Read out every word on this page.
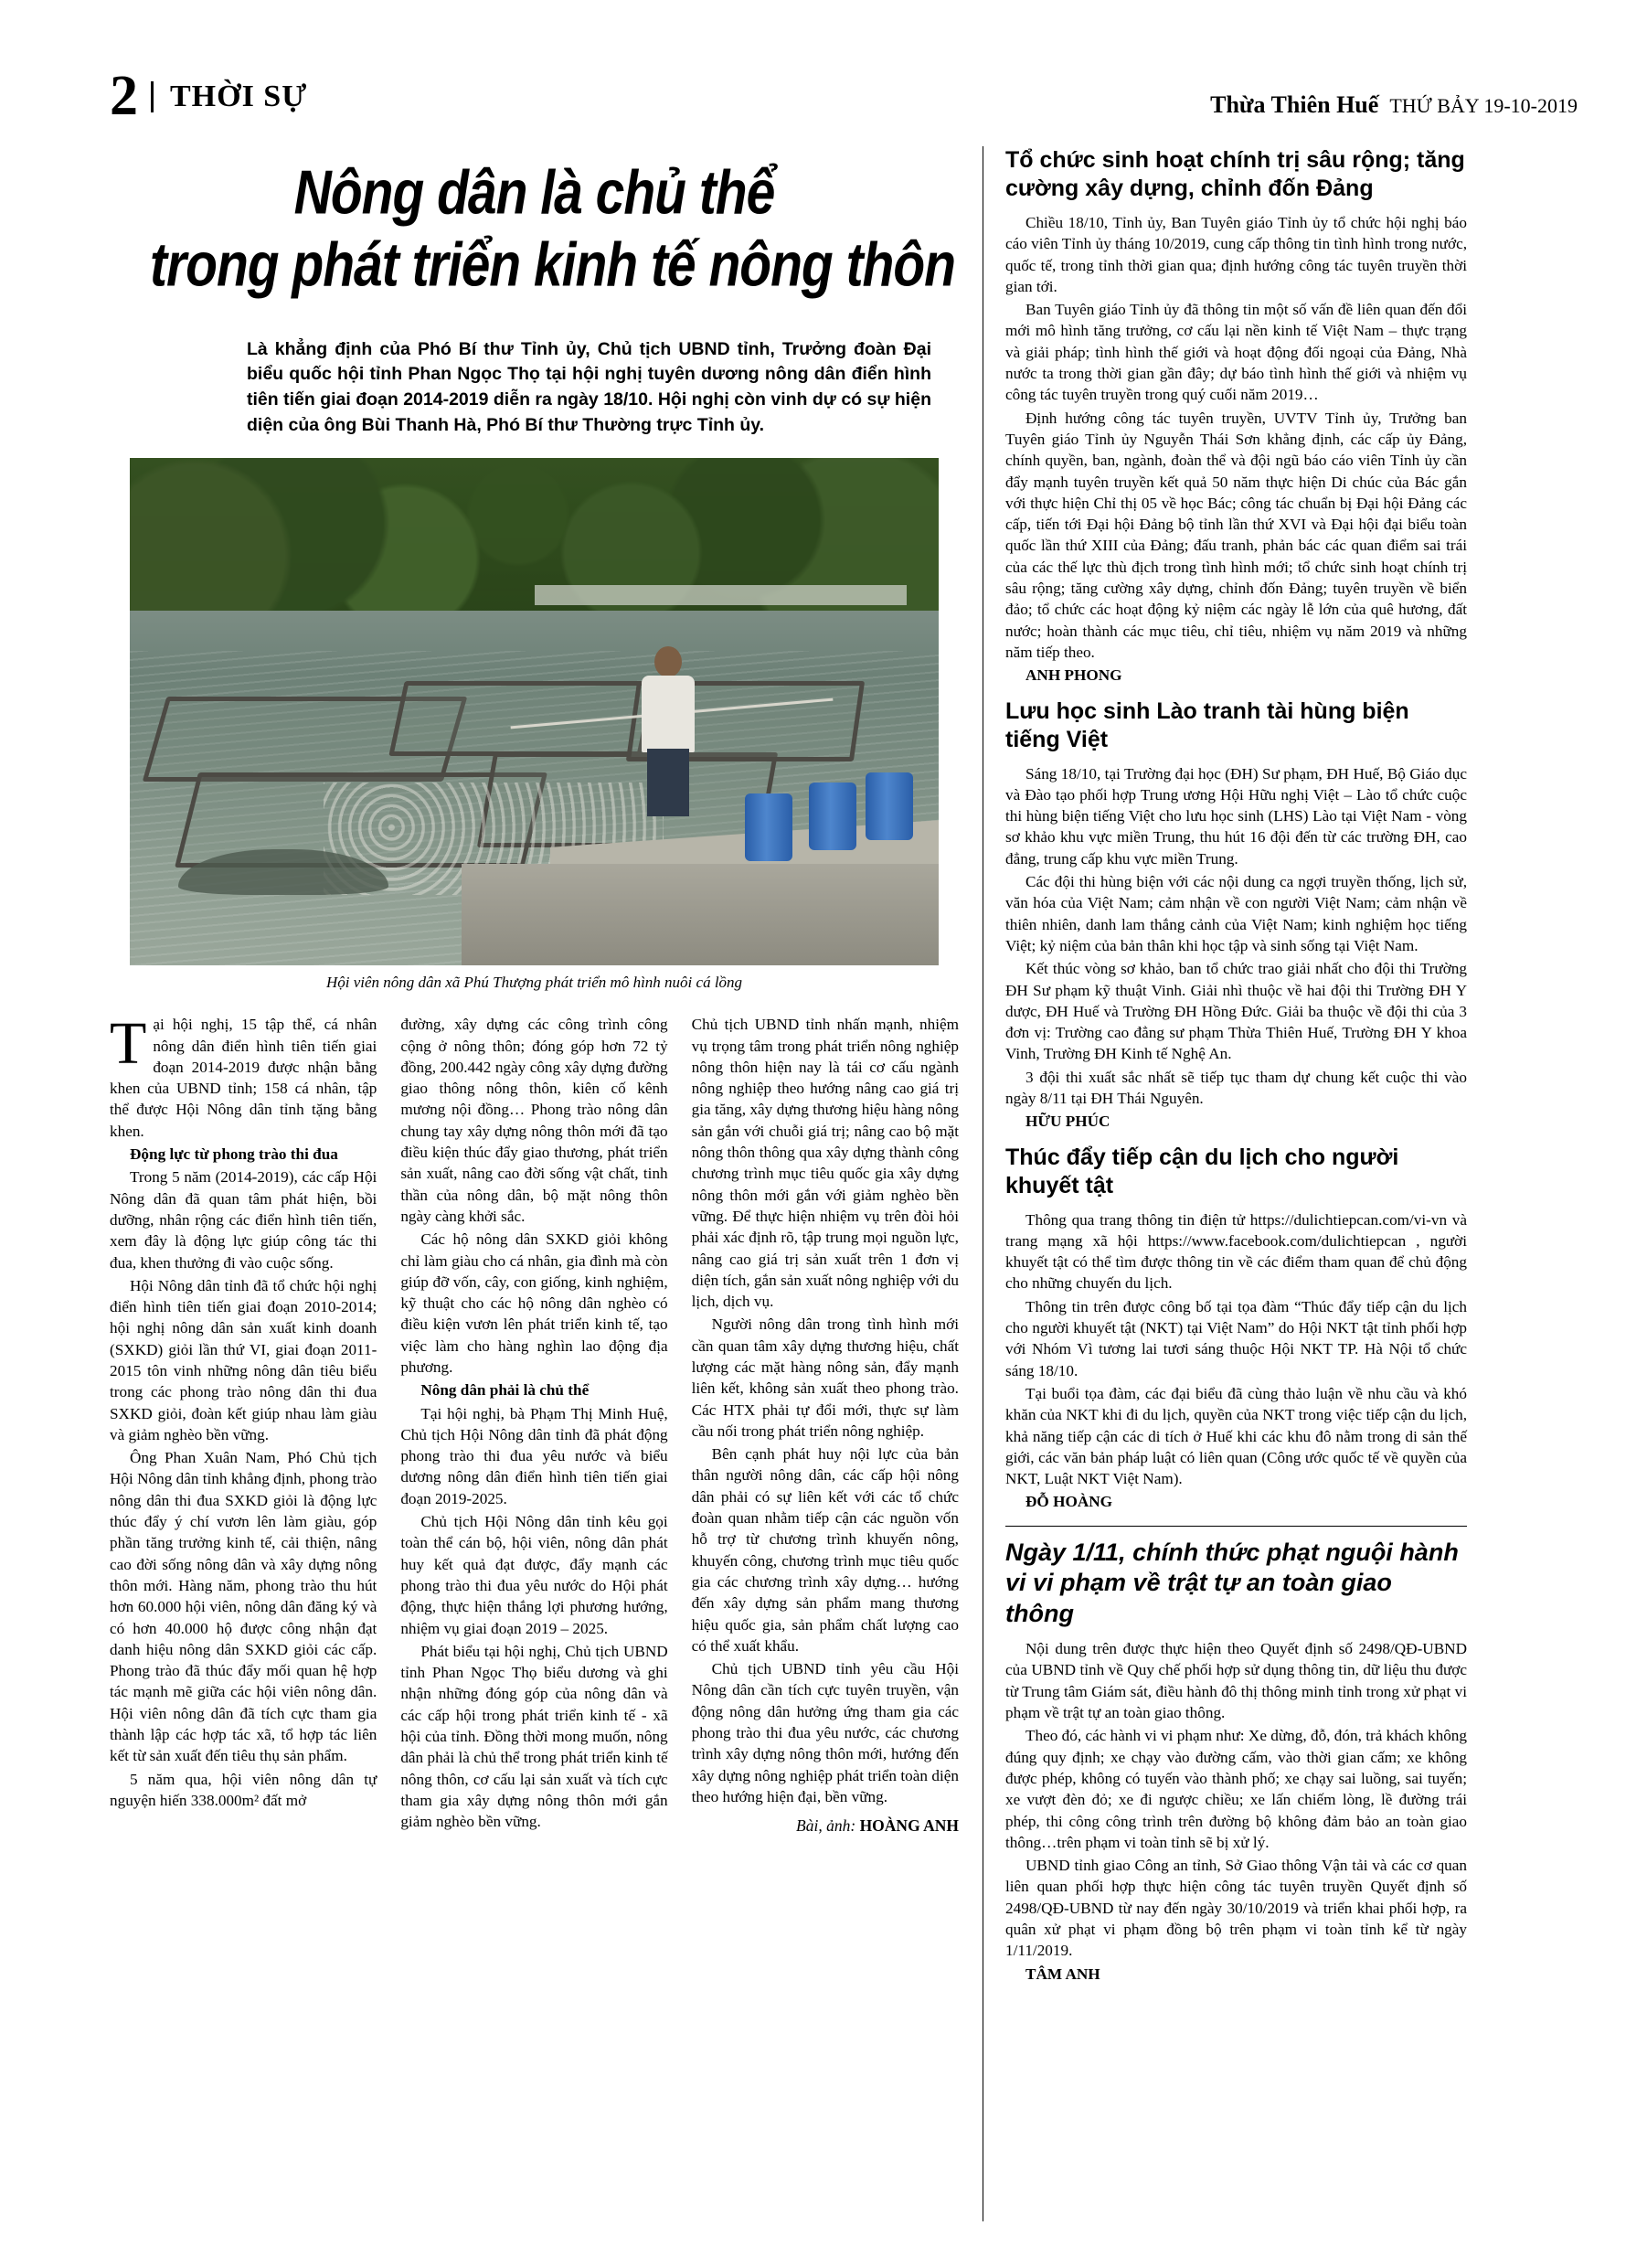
2	THỜI SỰ	Thừa Thiên Huế THỨ BẢY 19-10-2019
Nông dân là chủ thể
trong phát triển kinh tế nông thôn
Là khẳng định của Phó Bí thư Tỉnh ủy, Chủ tịch UBND tỉnh, Trưởng đoàn Đại biểu quốc hội tỉnh Phan Ngọc Thọ tại hội nghị tuyên dương nông dân điển hình tiên tiến giai đoạn 2014-2019 diễn ra ngày 18/10. Hội nghị còn vinh dự có sự hiện diện của ông Bùi Thanh Hà, Phó Bí thư Thường trực Tỉnh ủy.
Hội viên nông dân xã Phú Thượng phát triển mô hình nuôi cá lồng

Tại hội nghị, 15 tập thể, cá nhân nông dân điển hình tiên tiến giai đoạn 2014-2019 được nhận bằng khen của UBND tỉnh; 158 cá nhân, tập thể được Hội Nông dân tỉnh tặng bằng khen.

Động lực từ phong trào thi đua

Trong 5 năm (2014-2019), các cấp Hội Nông dân đã quan tâm phát hiện, bồi dưỡng, nhân rộng các điển hình tiên tiến, xem đây là động lực giúp công tác thi đua, khen thưởng đi vào cuộc sống.

Hội Nông dân tỉnh đã tổ chức hội nghị điển hình tiên tiến giai đoạn 2010-2014; hội nghị nông dân sản xuất kinh doanh (SXKD) giỏi lần thứ VI, giai đoạn 2011-2015 tôn vinh những nông dân tiêu biểu trong các phong trào nông dân thi đua SXKD giỏi, đoàn kết giúp nhau làm giàu và giảm nghèo bền vững.

Ông Phan Xuân Nam, Phó Chủ tịch Hội Nông dân tỉnh khẳng định, phong trào nông dân thi đua SXKD giỏi là động lực thúc đẩy ý chí vươn lên làm giàu, góp phần tăng trưởng kinh tế, cải thiện, nâng cao đời sống nông dân và xây dựng nông thôn mới. Hàng năm, phong trào thu hút hơn 60.000 hội viên, nông dân đăng ký và có hơn 40.000 hộ được công nhận đạt danh hiệu nông dân SXKD giỏi các cấp. Phong trào đã thúc đẩy mối quan hệ hợp tác mạnh mẽ giữa các hội viên nông dân. Hội viên nông dân đã tích cực tham gia thành lập các hợp tác xã, tổ hợp tác liên kết từ sản xuất đến tiêu thụ sản phẩm.

5 năm qua, hội viên nông dân tự nguyện hiến 338.000m² đất mở

đường, xây dựng các công trình công cộng ở nông thôn; đóng góp hơn 72 tỷ đồng, 200.442 ngày công xây dựng đường giao thông nông thôn, kiên cố kênh mương nội đồng… Phong trào nông dân chung tay xây dựng nông thôn mới đã tạo điều kiện thúc đẩy giao thương, phát triển sản xuất, nâng cao đời sống vật chất, tinh thần của nông dân, bộ mặt nông thôn ngày càng khởi sắc.

Các hộ nông dân SXKD giỏi không chỉ làm giàu cho cá nhân, gia đình mà còn giúp đỡ vốn, cây, con giống, kinh nghiệm, kỹ thuật cho các hộ nông dân nghèo có điều kiện vươn lên phát triển kinh tế, tạo việc làm cho hàng nghìn lao động địa phương.

Nông dân phải là chủ thể

Tại hội nghị, bà Phạm Thị Minh Huệ, Chủ tịch Hội Nông dân tỉnh đã phát động phong trào thi đua yêu nước và biểu dương nông dân điển hình tiên tiến giai đoạn 2019-2025.

Chủ tịch Hội Nông dân tỉnh kêu gọi toàn thể cán bộ, hội viên, nông dân phát huy kết quả đạt được, đẩy mạnh các phong trào thi đua yêu nước do Hội phát động, thực hiện thắng lợi phương hướng, nhiệm vụ giai đoạn 2019 – 2025.

Phát biểu tại hội nghị, Chủ tịch UBND tỉnh Phan Ngọc Thọ biểu dương và ghi nhận những đóng góp của nông dân và các cấp hội trong phát triển kinh tế - xã hội của tỉnh. Đồng thời mong muốn, nông dân phải là chủ thể trong phát triển kinh tế nông thôn, cơ cấu lại sản xuất và tích cực tham gia xây dựng nông thôn mới gắn giảm nghèo bền vững.

Chủ tịch UBND tỉnh nhấn mạnh, nhiệm vụ trọng tâm trong phát triển nông nghiệp nông thôn hiện nay là tái cơ cấu ngành nông nghiệp theo hướng nâng cao giá trị gia tăng, xây dựng thương hiệu hàng nông sản gắn với chuỗi giá trị; nâng cao bộ mặt nông thôn thông qua xây dựng thành công chương trình mục tiêu quốc gia xây dựng nông thôn mới gắn với giảm nghèo bền vững. Để thực hiện nhiệm vụ trên đòi hỏi phải xác định rõ, tập trung mọi nguồn lực, nâng cao giá trị sản xuất trên 1 đơn vị diện tích, gắn sản xuất nông nghiệp với du lịch, dịch vụ.

Người nông dân trong tình hình mới cần quan tâm xây dựng thương hiệu, chất lượng các mặt hàng nông sản, đẩy mạnh liên kết, không sản xuất theo phong trào. Các HTX phải tự đổi mới, thực sự làm cầu nối trong phát triển nông nghiệp.

Bên cạnh phát huy nội lực của bản thân người nông dân, các cấp hội nông dân phải có sự liên kết với các tổ chức đoàn quan nhằm tiếp cận các nguồn vốn hỗ trợ từ chương trình khuyến nông, khuyến công, chương trình mục tiêu quốc gia các chương trình xây dựng… hướng đến xây dựng sản phẩm mang thương hiệu quốc gia, sản phẩm chất lượng cao có thể xuất khẩu.

Chủ tịch UBND tỉnh yêu cầu Hội Nông dân cần tích cực tuyên truyền, vận động nông dân hưởng ứng tham gia các phong trào thi đua yêu nước, các chương trình xây dựng nông thôn mới, hướng đến xây dựng nông nghiệp phát triển toàn diện theo hướng hiện đại, bền vững.

Bài, ảnh: HOÀNG ANH
Tổ chức sinh hoạt chính trị sâu rộng; tăng cường xây dựng, chỉnh đốn Đảng

Chiều 18/10, Tỉnh ủy, Ban Tuyên giáo Tỉnh ủy tổ chức hội nghị báo cáo viên Tỉnh ủy tháng 10/2019, cung cấp thông tin tình hình trong nước, quốc tế, trong tỉnh thời gian qua; định hướng công tác tuyên truyền thời gian tới.

Ban Tuyên giáo Tỉnh ủy đã thông tin một số vấn đề liên quan đến đổi mới mô hình tăng trưởng, cơ cấu lại nền kinh tế Việt Nam – thực trạng và giải pháp; tình hình thế giới và hoạt động đối ngoại của Đảng, Nhà nước ta trong thời gian gần đây; dự báo tình hình thế giới và nhiệm vụ công tác tuyên truyền trong quý cuối năm 2019…

Định hướng công tác tuyên truyền, UVTV Tỉnh ủy, Trưởng ban Tuyên giáo Tỉnh ủy Nguyễn Thái Sơn khẳng định, các cấp ủy Đảng, chính quyền, ban, ngành, đoàn thể và đội ngũ báo cáo viên Tỉnh ủy cần đẩy mạnh tuyên truyền kết quả 50 năm thực hiện Di chúc của Bác gắn với thực hiện Chỉ thị 05 về học Bác; công tác chuẩn bị Đại hội Đảng các cấp, tiến tới Đại hội Đảng bộ tỉnh lần thứ XVI và Đại hội đại biểu toàn quốc lần thứ XIII của Đảng; đấu tranh, phản bác các quan điểm sai trái của các thế lực thù địch trong tình hình mới; tổ chức sinh hoạt chính trị sâu rộng; tăng cường xây dựng, chỉnh đốn Đảng; tuyên truyền về biển đảo; tổ chức các hoạt động kỷ niệm các ngày lễ lớn của quê hương, đất nước; hoàn thành các mục tiêu, chỉ tiêu, nhiệm vụ năm 2019 và những năm tiếp theo.

ANH PHONG

Lưu học sinh Lào tranh tài hùng biện tiếng Việt

Sáng 18/10, tại Trường đại học (ĐH) Sư phạm, ĐH Huế, Bộ Giáo dục và Đào tạo phối hợp Trung ương Hội Hữu nghị Việt – Lào tổ chức cuộc thi hùng biện tiếng Việt cho lưu học sinh (LHS) Lào tại Việt Nam - vòng sơ khảo khu vực miền Trung, thu hút 16 đội đến từ các trường ĐH, cao đẳng, trung cấp khu vực miền Trung.

Các đội thi hùng biện với các nội dung ca ngợi truyền thống, lịch sử, văn hóa của Việt Nam; cảm nhận về con người Việt Nam; cảm nhận về thiên nhiên, danh lam thắng cảnh của Việt Nam; kinh nghiệm học tiếng Việt; kỷ niệm của bản thân khi học tập và sinh sống tại Việt Nam.

Kết thúc vòng sơ khảo, ban tổ chức trao giải nhất cho đội thi Trường ĐH Sư phạm kỹ thuật Vinh. Giải nhì thuộc về hai đội thi Trường ĐH Y dược, ĐH Huế và Trường ĐH Hồng Đức. Giải ba thuộc về đội thi của 3 đơn vị: Trường cao đẳng sư phạm Thừa Thiên Huế, Trường ĐH Y khoa Vinh, Trường ĐH Kinh tế Nghệ An.

3 đội thi xuất sắc nhất sẽ tiếp tục tham dự chung kết cuộc thi vào ngày 8/11 tại ĐH Thái Nguyên.

HỮU PHÚC

Thúc đẩy tiếp cận du lịch cho người khuyết tật

Thông qua trang thông tin điện tử https://dulichtiepcan.com/vi-vn và trang mạng xã hội https://www.facebook.com/dulichtiepcan , người khuyết tật có thể tìm được thông tin về các điểm tham quan để chủ động cho những chuyến du lịch.

Thông tin trên được công bố tại tọa đàm “Thúc đẩy tiếp cận du lịch cho người khuyết tật (NKT) tại Việt Nam” do Hội NKT tật tỉnh phối hợp với Nhóm Vì tương lai tươi sáng thuộc Hội NKT TP. Hà Nội tổ chức sáng 18/10.

Tại buổi tọa đàm, các đại biểu đã cùng thảo luận về nhu cầu và khó khăn của NKT khi đi du lịch, quyền của NKT trong việc tiếp cận du lịch, khả năng tiếp cận các di tích ở Huế khi các khu đô nằm trong di sản thế giới, các văn bản pháp luật có liên quan (Công ước quốc tế về quyền của NKT, Luật NKT Việt Nam).

ĐỖ HOÀNG

Ngày 1/11, chính thức phạt nguội hành vi vi phạm về trật tự an toàn giao thông

Nội dung trên được thực hiện theo Quyết định số 2498/QĐ-UBND của UBND tỉnh về Quy chế phối hợp sử dụng thông tin, dữ liệu thu được từ Trung tâm Giám sát, điều hành đô thị thông minh tỉnh trong xử phạt vi phạm về trật tự an toàn giao thông.

Theo đó, các hành vi vi phạm như: Xe dừng, đỗ, đón, trả khách không đúng quy định; xe chạy vào đường cấm, vào thời gian cấm; xe không được phép, không có tuyến vào thành phố; xe chạy sai luồng, sai tuyến; xe vượt đèn đỏ; xe đi ngược chiều; xe lấn chiếm lòng, lề đường trái phép, thi công công trình trên đường bộ không đảm bảo an toàn giao thông…trên phạm vi toàn tỉnh sẽ bị xử lý.

UBND tỉnh giao Công an tỉnh, Sở Giao thông Vận tải và các cơ quan liên quan phối hợp thực hiện công tác tuyên truyền Quyết định số 2498/QĐ-UBND từ nay đến ngày 30/10/2019 và triển khai phối hợp, ra quân xử phạt vi phạm đồng bộ trên phạm vi toàn tỉnh kể từ ngày 1/11/2019.

TÂM ANH
